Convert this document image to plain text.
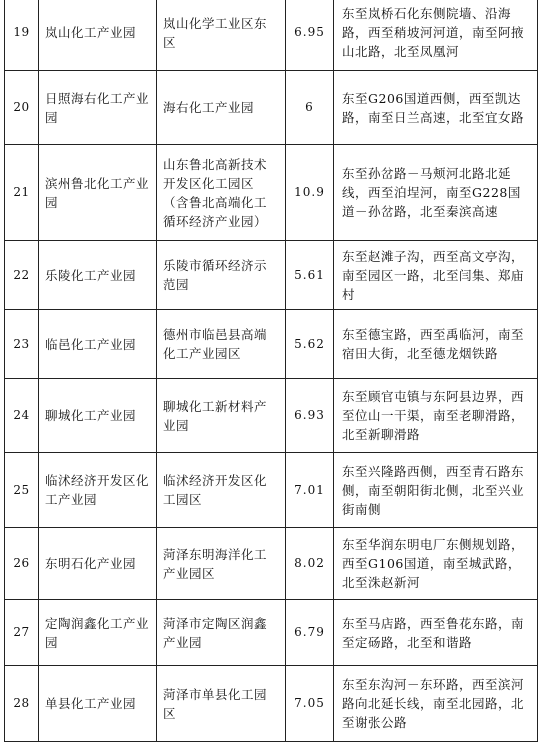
19	岚山化工产业园	岚山化学工业区东区	6.95	东至岚桥石化东侧院墙、沿海路，西至稍坡河河道，南至阿掖山北路，北至凤凰河
20	日照海右化工产业园	海右化工产业园	6	东至G206国道西侧，西至凯达路，南至日兰高速，北至宜女路
21	滨州鲁北化工产业园	山东鲁北高新技术开发区化工园区（含鲁北高端化工循环经济产业园）	10.9	东至孙岔路－马颊河北路北延线，西至泊埕河，南至G228国道－孙岔路，北至秦滨高速
22	乐陵化工产业园	乐陵市循环经济示范园	5.61	东至赵滩子沟，西至高文亭沟，南至园区一路，北至闫集、郑庙村
23	临邑化工产业园	德州市临邑县高端化工产业园区	5.62	东至德宝路，西至禹临河，南至宿田大街，北至德龙烟铁路
24	聊城化工产业园	聊城化工新材料产业园	6.93	东至顾官屯镇与东阿县边界，西至位山一干渠，南至老聊滑路，北至新聊滑路
25	临沭经济开发区化工产业园	临沭经济开发区化工园区	7.01	东至兴隆路西侧，西至青石路东侧，南至朝阳街北侧，北至兴业街南侧
26	东明石化产业园	菏泽东明海洋化工产业园区	8.02	东至华润东明电厂东侧规划路，西至G106国道，南至城武路，北至洙赵新河
27	定陶润鑫化工产业园	菏泽市定陶区润鑫产业园	6.79	东至马店路，西至鲁花东路，南至定砀路，北至和谐路
28	单县化工产业园	菏泽市单县化工园区	7.05	东至东沟河－东环路，西至滨河路向北延长线，南至北园路，北至谢张公路
